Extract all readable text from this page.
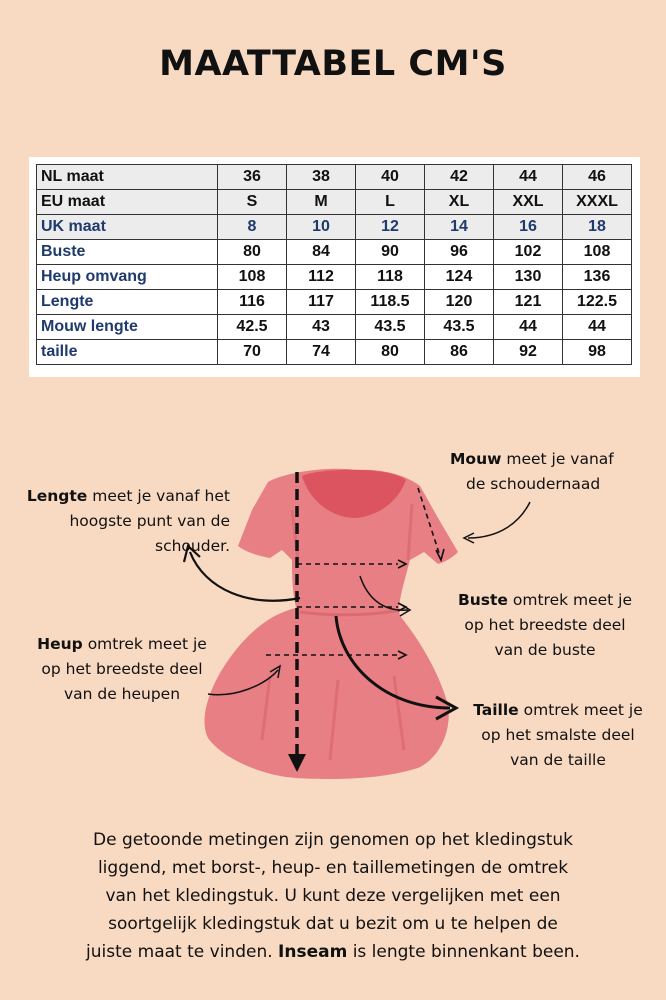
MAATTABEL CM'S
NL maat	36	38	40	42	44	46
EU maat	S	M	L	XL	XXL	XXXL
UK maat	8	10	12	14	16	18
Buste	80	84	90	96	102	108
Heup omvang	108	112	118	124	130	136
Lengte	116	117	118.5	120	121	122.5
Mouw lengte	42.5	43	43.5	43.5	44	44
taille	70	74	80	86	92	98
Mouw meet je vanaf
de schoudernaad
Lengte meet je vanaf het
hoogste punt van de
schouder.
Buste omtrek meet je
op het breedste deel
van de buste
Heup omtrek meet je
op het breedste deel
van de heupen
Taille omtrek meet je
op het smalste deel
van de taille
De getoonde metingen zijn genomen op het kledingstuk
liggend, met borst-, heup- en taillemetingen de omtrek
van het kledingstuk. U kunt deze vergelijken met een
soortgelijk kledingstuk dat u bezit om u te helpen de
juiste maat te vinden. Inseam is lengte binnenkant been.
